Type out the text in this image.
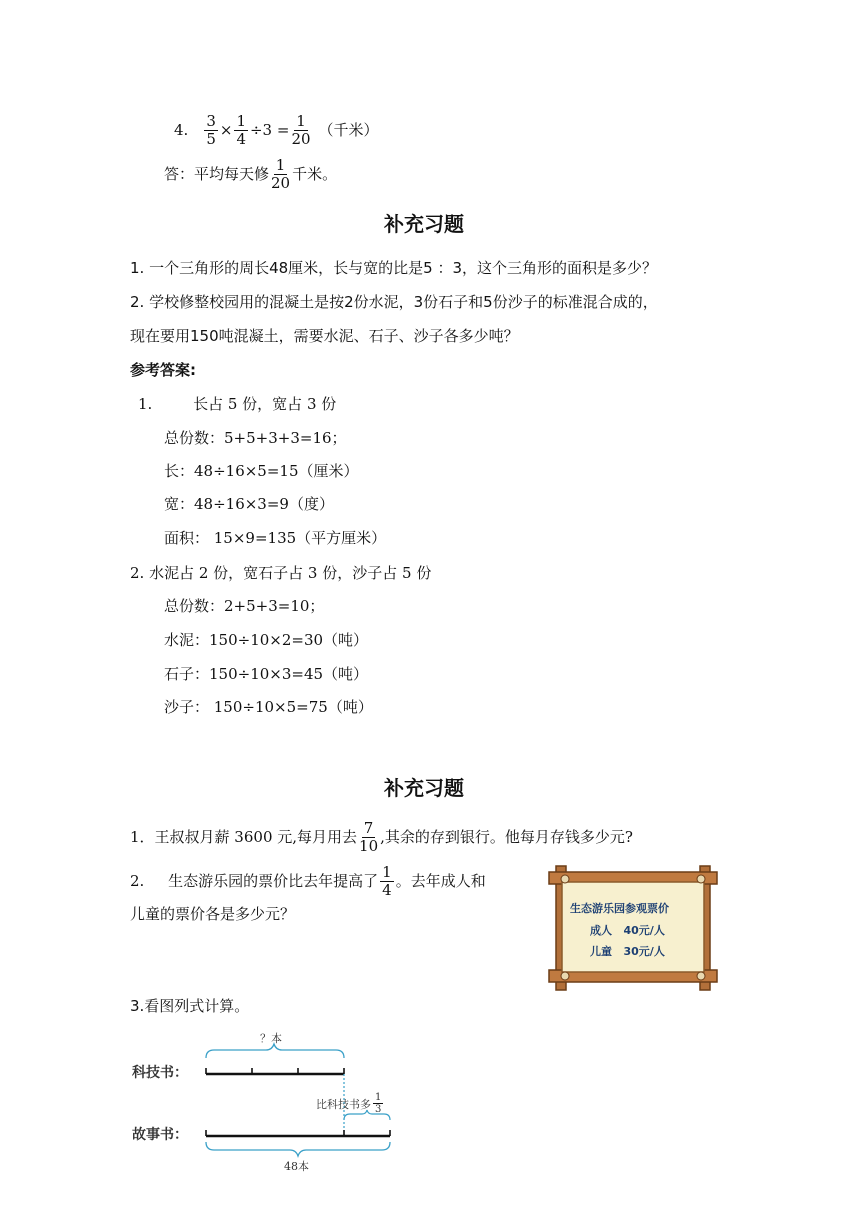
4. $\frac{3}{5} \times \frac{1}{4} \div 3 = \frac{1}{20}$ （千米）
答：平均每天修 $\frac{1}{20}$ 千米。
补充习题
1. 一个三角形的周长48厘米，长与宽的比是5 ：3，这个三角形的面积是多少？
2. 学校修整校园用的混凝土是按2份水泥，3份石子和5份沙子的标准混合成的，
现在要用150吨混凝土，需要水泥、石子、沙子各多少吨？
参考答案:
1.	长占 5 份，宽占 3 份
总份数：5+5+3+3=16；
长：48÷16×5=15（厘米）
宽：48÷16×3=9（度）
面积： 15×9=135（平方厘米）
2. 水泥占 2 份，宽石子占 3 份，沙子占 5 份
总份数：2+5+3=10；
水泥：150÷10×2=30（吨）
石子：150÷10×3=45（吨）
沙子： 150÷10×5=75（吨）
补充习题
1．王叔叔月薪 3600 元,每月用去 $\frac{7}{10}$ ,其余的存到银行。他每月存钱多少元?
2.     生态游乐园的票价比去年提高了 $\frac{1}{4}$ 。去年成人和
儿童的票价各是多少元？	生态游乐园参观票价
成人   40元/人
儿童   30元/人
3.看图列式计算。
科技书：
故事书：
？本
比科技书多 $\frac{1}{3}$
48本
